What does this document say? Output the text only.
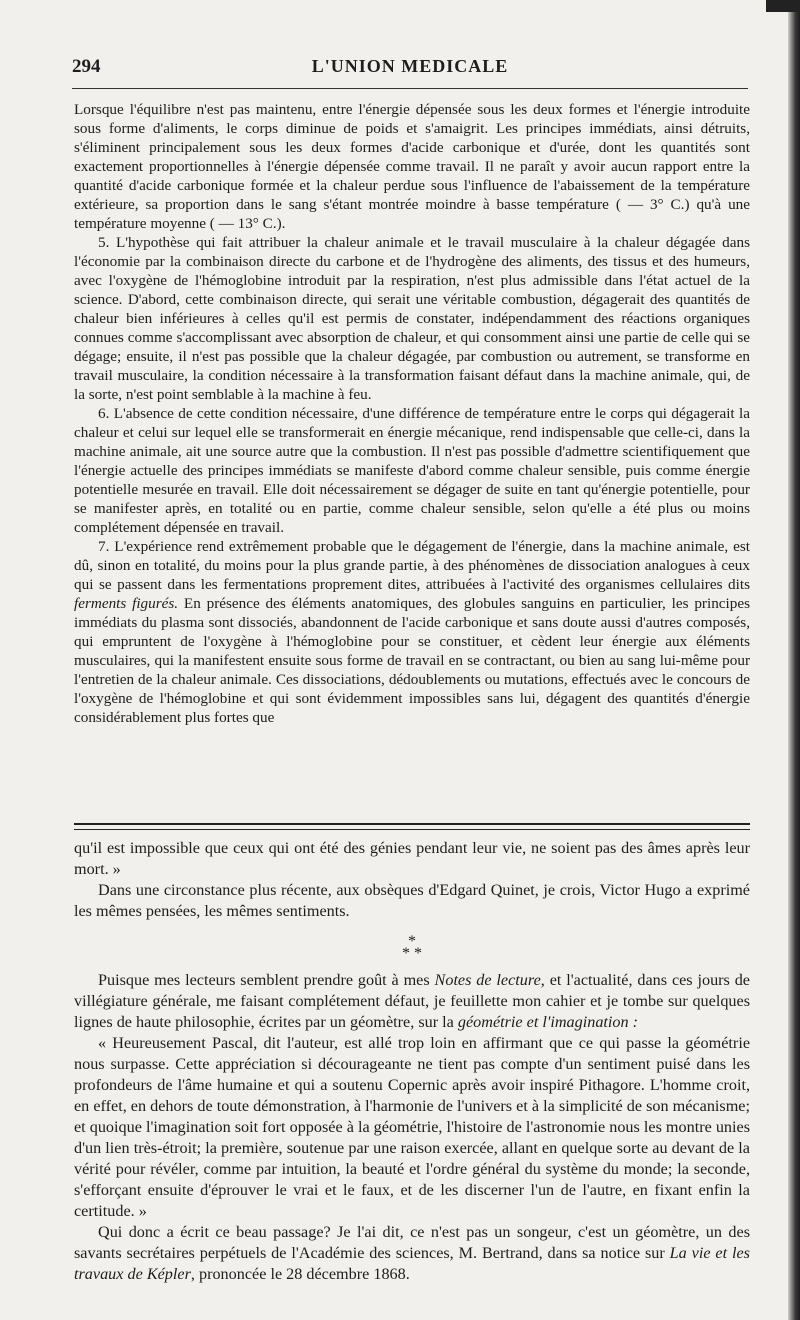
294	L'UNION MEDICALE

Lorsque l'équilibre n'est pas maintenu, entre l'énergie dépensée sous les deux formes et l'énergie introduite sous forme d'aliments, le corps diminue de poids et s'amaigrit. Les principes immédiats, ainsi détruits, s'éliminent principalement sous les deux formes d'acide carbonique et d'urée, dont les quantités sont exactement proportionnelles à l'énergie dépensée comme travail. Il ne paraît y avoir aucun rapport entre la quantité d'acide carbonique formée et la chaleur perdue sous l'influence de l'abaissement de la température extérieure, sa proportion dans le sang s'étant montrée moindre à basse température ( — 3° C.) qu'à une température moyenne ( — 13° C.).

5. L'hypothèse qui fait attribuer la chaleur animale et le travail musculaire à la chaleur dégagée dans l'économie par la combinaison directe du carbone et de l'hydrogène des aliments, des tissus et des humeurs, avec l'oxygène de l'hémoglobine introduit par la respiration, n'est plus admissible dans l'état actuel de la science. D'abord, cette combinaison directe, qui serait une véritable combustion, dégagerait des quantités de chaleur bien inférieures à celles qu'il est permis de constater, indépendamment des réactions organiques connues comme s'accomplissant avec absorption de chaleur, et qui consomment ainsi une partie de celle qui se dégage; ensuite, il n'est pas possible que la chaleur dégagée, par combustion ou autrement, se transforme en travail musculaire, la condition nécessaire à la transformation faisant défaut dans la machine animale, qui, de la sorte, n'est point semblable à la machine à feu.

6. L'absence de cette condition nécessaire, d'une différence de température entre le corps qui dégagerait la chaleur et celui sur lequel elle se transformerait en énergie mécanique, rend indispensable que celle-ci, dans la machine animale, ait une source autre que la combustion. Il n'est pas possible d'admettre scientifiquement que l'énergie actuelle des principes immédiats se manifeste d'abord comme chaleur sensible, puis comme énergie potentielle mesurée en travail. Elle doit nécessairement se dégager de suite en tant qu'énergie potentielle, pour se manifester après, en totalité ou en partie, comme chaleur sensible, selon qu'elle a été plus ou moins complétement dépensée en travail.

7. L'expérience rend extrêmement probable que le dégagement de l'énergie, dans la machine animale, est dû, sinon en totalité, du moins pour la plus grande partie, à des phénomènes de dissociation analogues à ceux qui se passent dans les fermentations proprement dites, attribuées à l'activité des organismes cellulaires dits ferments figurés. En présence des éléments anatomiques, des globules sanguins en particulier, les principes immédiats du plasma sont dissociés, abandonnent de l'acide carbonique et sans doute aussi d'autres composés, qui empruntent de l'oxygène à l'hémoglobine pour se constituer, et cèdent leur énergie aux éléments musculaires, qui la manifestent ensuite sous forme de travail en se contractant, ou bien au sang lui-même pour l'entretien de la chaleur animale. Ces dissociations, dédoublements ou mutations, effectués avec le concours de l'oxygène de l'hémoglobine et qui sont évidemment impossibles sans lui, dégagent des quantités d'énergie considérablement plus fortes que

qu'il est impossible que ceux qui ont été des génies pendant leur vie, ne soient pas des âmes après leur mort. »

Dans une circonstance plus récente, aux obsèques d'Edgard Quinet, je crois, Victor Hugo a exprimé les mêmes pensées, les mêmes sentiments.

*
* *

Puisque mes lecteurs semblent prendre goût à mes Notes de lecture, et l'actualité, dans ces jours de villégiature générale, me faisant complétement défaut, je feuillette mon cahier et je tombe sur quelques lignes de haute philosophie, écrites par un géomètre, sur la géométrie et l'imagination :

« Heureusement Pascal, dit l'auteur, est allé trop loin en affirmant que ce qui passe la géométrie nous surpasse. Cette appréciation si décourageante ne tient pas compte d'un sentiment puisé dans les profondeurs de l'âme humaine et qui a soutenu Copernic après avoir inspiré Pithagore. L'homme croit, en effet, en dehors de toute démonstration, à l'harmonie de l'univers et à la simplicité de son mécanisme; et quoique l'imagination soit fort opposée à la géométrie, l'histoire de l'astronomie nous les montre unies d'un lien très-étroit; la première, soutenue par une raison exercée, allant en quelque sorte au devant de la vérité pour révéler, comme par intuition, la beauté et l'ordre général du système du monde; la seconde, s'efforçant ensuite d'éprouver le vrai et le faux, et de les discerner l'un de l'autre, en fixant enfin la certitude. »

Qui donc a écrit ce beau passage? Je l'ai dit, ce n'est pas un songeur, c'est un géomètre, un des savants secrétaires perpétuels de l'Académie des sciences, M. Bertrand, dans sa notice sur La vie et les travaux de Képler, prononcée le 28 décembre 1868.
